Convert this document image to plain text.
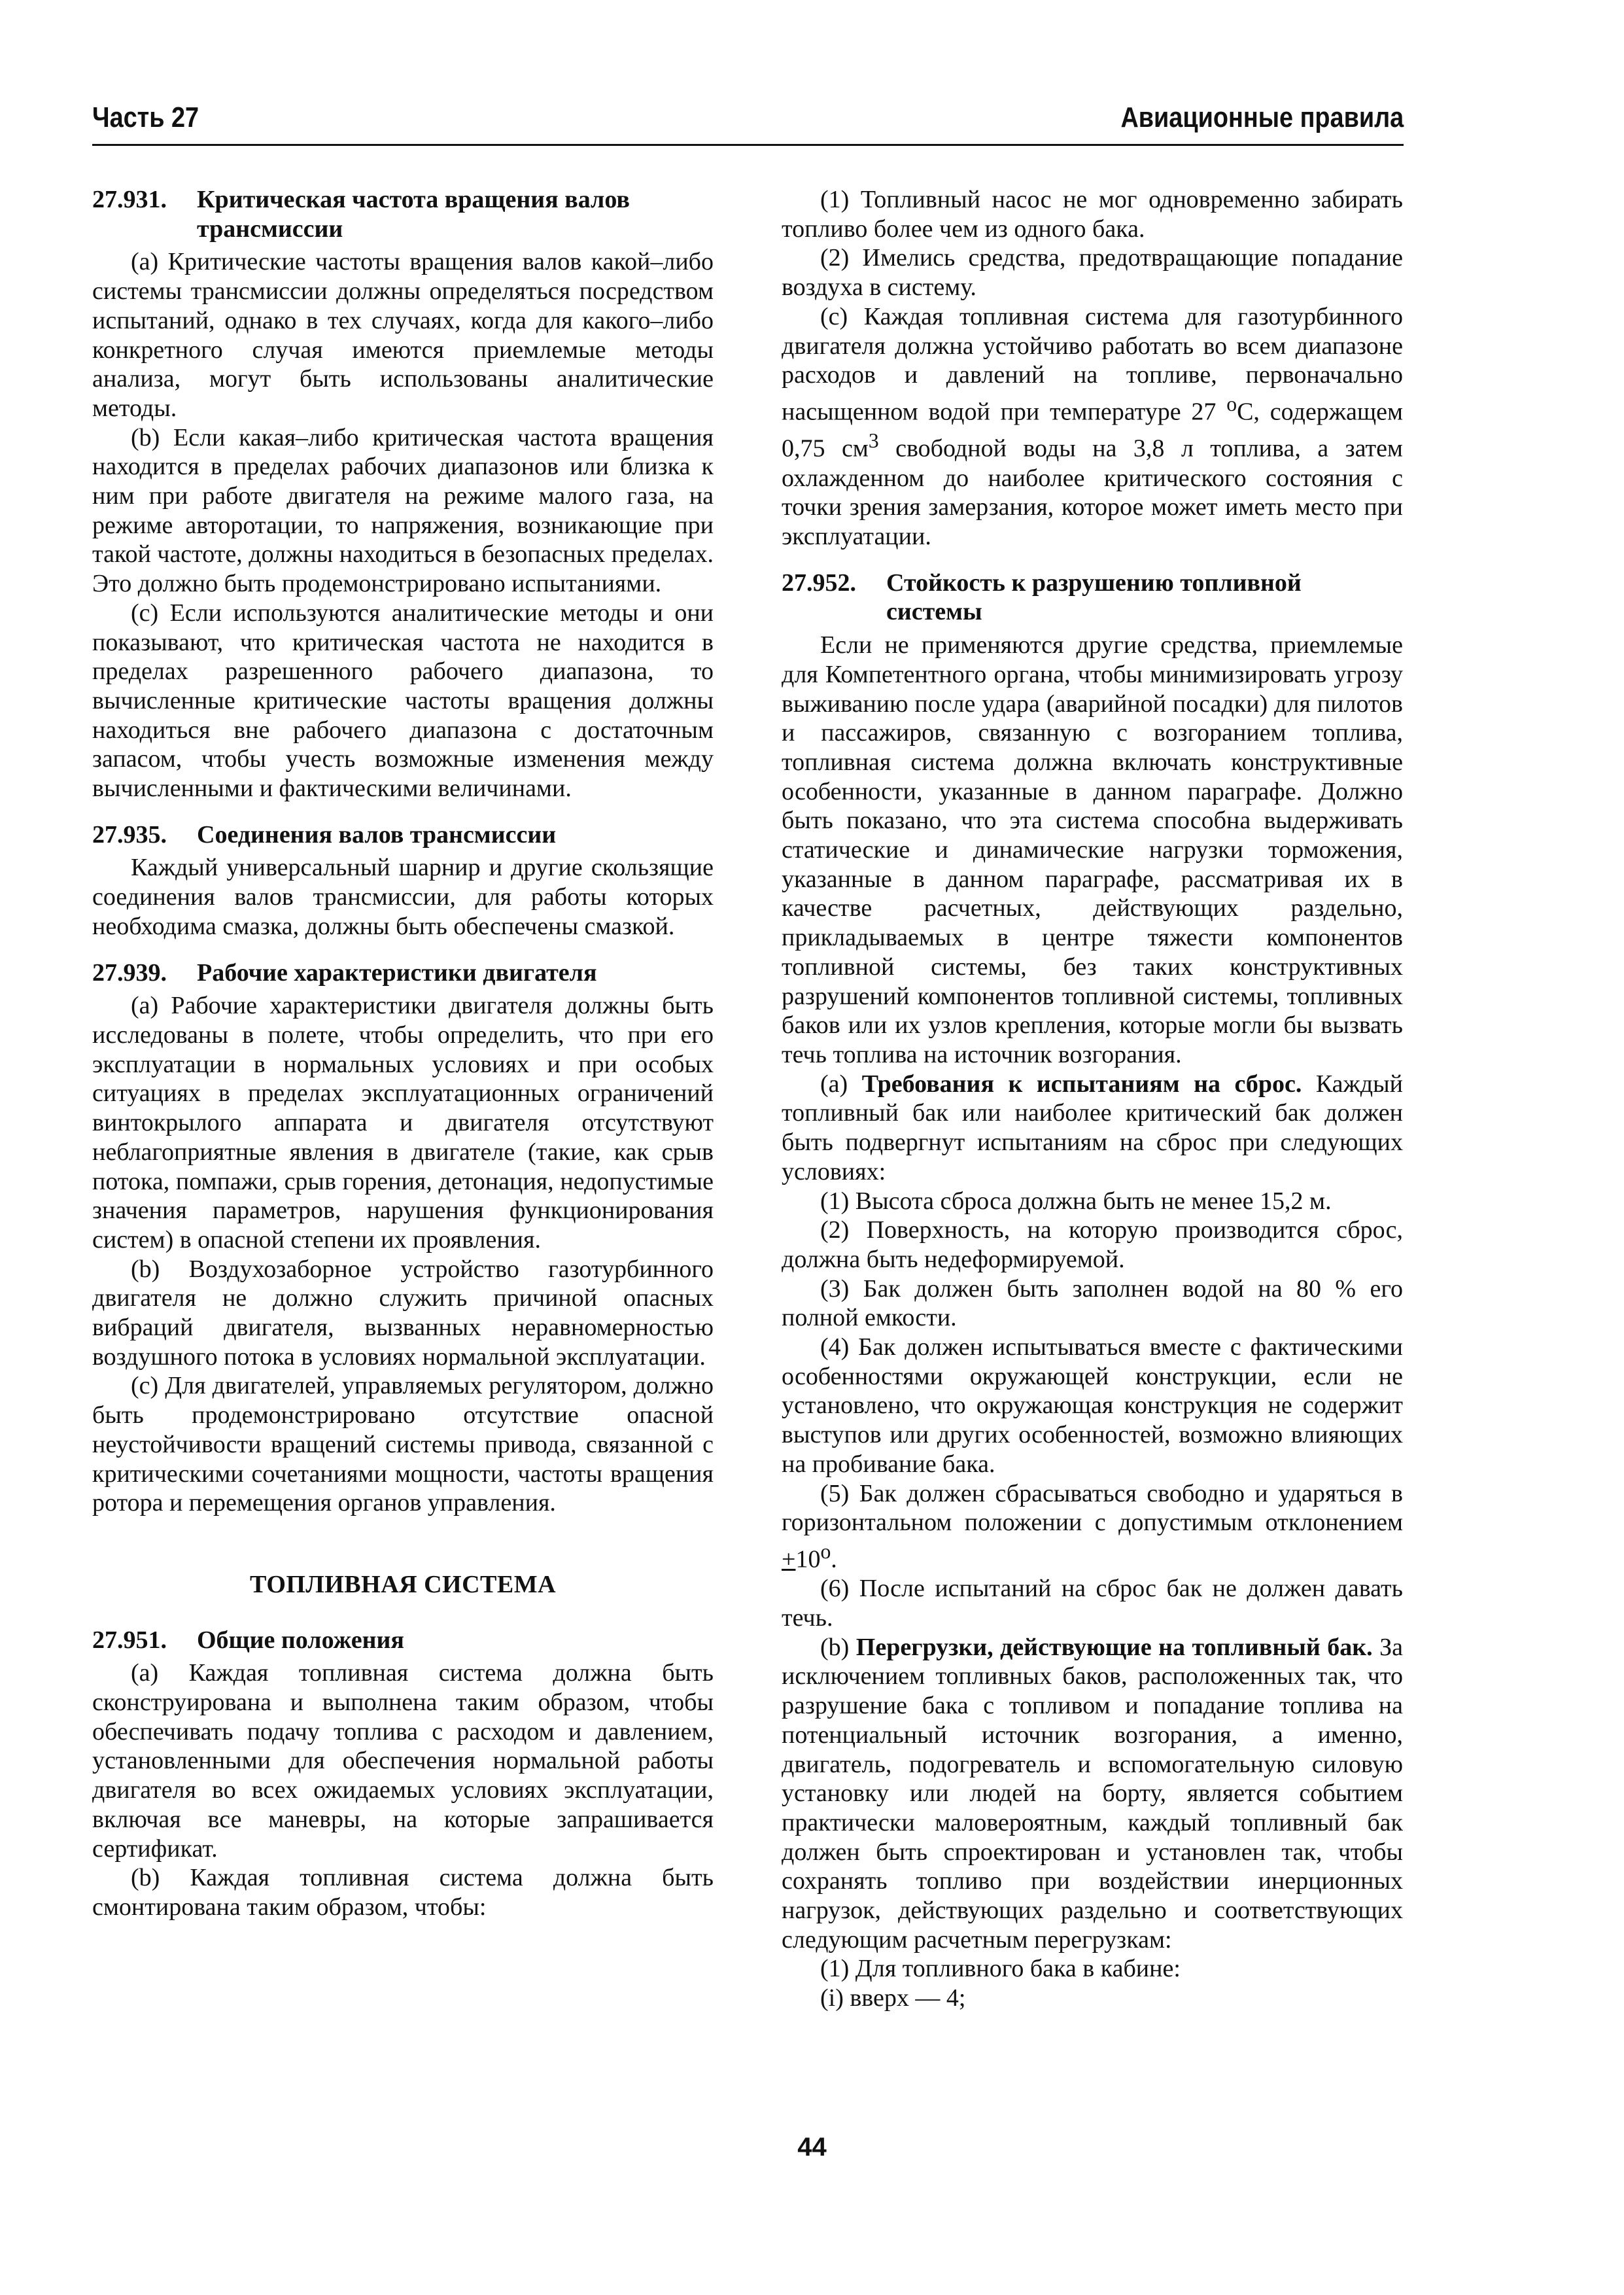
Часть 27	Авиационные правила
27.931.	Критическая частота вращения валов трансмиссии

(а) Критические частоты вращения валов какой–либо системы трансмиссии должны определяться посредством испытаний, однако в тех случаях, когда для какого–либо конкретного случая имеются приемлемые методы анализа, могут быть использованы аналитические методы.

(b) Если какая–либо критическая частота вращения находится в пределах рабочих диапазонов или близка к ним при работе двигателя на режиме малого газа, на режиме авторотации, то напряжения, возникающие при такой частоте, должны находиться в безопасных пределах. Это должно быть продемонстрировано испытаниями.

(с) Если используются аналитические методы и они показывают, что критическая частота не находится в пределах разрешенного рабочего диапазона, то вычисленные критические частоты вращения должны находиться вне рабочего диапазона с достаточным запасом, чтобы учесть возможные изменения между вычисленными и фактическими величинами.

27.935.	Соединения валов трансмиссии

Каждый универсальный шарнир и другие скользящие соединения валов трансмиссии, для работы которых необходима смазка, должны быть обеспечены смазкой.

27.939.	Рабочие характеристики двигателя

(а) Рабочие характеристики двигателя должны быть исследованы в полете, чтобы определить, что при его эксплуатации в нормальных условиях и при особых ситуациях в пределах эксплуатационных ограничений винтокрылого аппарата и двигателя отсутствуют неблагоприятные явления в двигателе (такие, как срыв потока, помпажи, срыв горения, детонация, недопустимые значения параметров, нарушения функционирования систем) в опасной степени их проявления.

(b) Воздухозаборное устройство газотурбинного двигателя не должно служить причиной опасных вибраций двигателя, вызванных неравномерностью воздушного потока в условиях нормальной эксплуатации.

(с) Для двигателей, управляемых регулятором, должно быть продемонстрировано отсутствие опасной неустойчивости вращений системы привода, связанной с критическими сочетаниями мощности, частоты вращения ротора и перемещения органов управления.

ТОПЛИВНАЯ СИСТЕМА
27.951.	Общие положения

(а) Каждая топливная система должна быть сконструирована и выполнена таким образом, чтобы обеспечивать подачу топлива с расходом и давлением, установленными для обеспечения нормальной работы двигателя во всех ожидаемых условиях эксплуатации, включая все маневры, на которые запрашивается сертификат.

(b) Каждая топливная система должна быть смонтирована таким образом, чтобы:

(1) Топливный насос не мог одновременно забирать топливо более чем из одного бака.

(2) Имелись средства, предотвращающие попадание воздуха в систему.

(с) Каждая топливная система для газотурбинного двигателя должна устойчиво работать во всем диапазоне расходов и давлений на топливе, первоначально насыщенном водой при температуре 27 $^о$С, содержащем 0,75 $см^3$ свободной воды на 3,8 л топлива, а затем охлажденном до наиболее критического состояния с точки зрения замерзания, которое может иметь место при эксплуатации.

27.952.	Стойкость к разрушению топливной системы

Если не применяются другие средства, приемлемые для Компетентного органа, чтобы минимизировать угрозу выживанию после удара (аварийной посадки) для пилотов и пассажиров, связанную с возгоранием топлива, топливная система должна включать конструктивные особенности, указанные в данном параграфе. Должно быть показано, что эта система способна выдерживать статические и динамические нагрузки торможения, указанные в данном параграфе, рассматривая их в качестве расчетных, действующих раздельно, прикладываемых в центре тяжести компонентов топливной системы, без таких конструктивных разрушений компонентов топливной системы, топливных баков или их узлов крепления, которые могли бы вызвать течь топлива на источник возгорания.

(а) Требования к испытаниям на сброс. Каждый топливный бак или наиболее критический бак должен быть подвергнут испытаниям на сброс при следующих условиях:

(1) Высота сброса должна быть не менее 15,2 м.

(2) Поверхность, на которую производится сброс, должна быть недеформируемой.

(3) Бак должен быть заполнен водой на 80 % его полной емкости.

(4) Бак должен испытываться вместе с фактическими особенностями окружающей конструкции, если не установлено, что окружающая конструкция не содержит выступов или других особенностей, возможно влияющих на пробивание бака.

(5) Бак должен сбрасываться свободно и ударяться в горизонтальном положении с допустимым отклонением $+10^о$.

(6) После испытаний на сброс бак не должен давать течь.

(b) Перегрузки, действующие на топливный бак. За исключением топливных баков, расположенных так, что разрушение бака с топливом и попадание топлива на потенциальный источник возгорания, а именно, двигатель, подогреватель и вспомогательную силовую установку или людей на борту, является событием практически маловероятным, каждый топливный бак должен быть спроектирован и установлен так, чтобы сохранять топливо при воздействии инерционных нагрузок, действующих раздельно и соответствующих следующим расчетным перегрузкам:

(1) Для топливного бака в кабине:

(i) вверх — 4;

44
